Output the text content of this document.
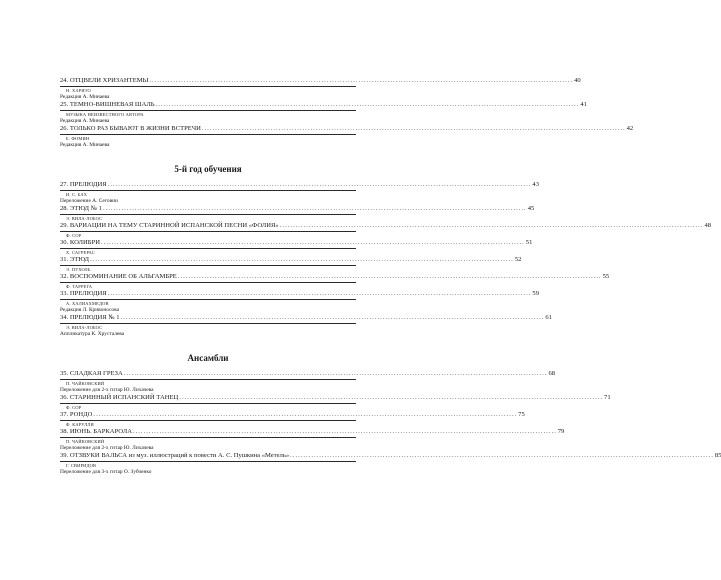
24. ОТЦВЕЛИ ХРИЗАНТЕМЫ ................................................................................................................................................................ 40
Н. ХАРИТО
Редакция А. Минаева
25. ТЕМНО-ВИШНЕВАЯ ШАЛЬ ................................................................................................................................................................ 41
МУЗЫКА НЕИЗВЕСТНОГО АВТОРА
Редакция А. Минаева
26. ТОЛЬКО РАЗ БЫВАЮТ В ЖИЗНИ ВСТРЕЧИ ................................................................................................................................................................ 42
Б. ФОМИН
Редакция А. Минаева
5-й год обучения
27. ПРЕЛЮДИЯ ................................................................................................................................................................ 43
И. С. БАХ
Переложение А. Сеговии
28. ЭТЮД № 1 ................................................................................................................................................................ 45
Э. ВИЛА-ЛОБОС
29. ВАРИАЦИИ НА ТЕМУ СТАРИННОЙ ИСПАНСКОЙ ПЕСНИ «ФОЛИЯ» ................................................................................................................................................................ 48
Ф. СОР
30. КОЛИБРИ ................................................................................................................................................................ 51
Х. САГРЕРАС
31. ЭТЮД ................................................................................................................................................................ 52
Э. ПУХОЛЬ
32. ВОСПОМИНАНИЕ ОБ АЛЬГАМБРЕ ................................................................................................................................................................ 55
Ф. ТАРРЕГА
33. ПРЕЛЮДИЯ ................................................................................................................................................................ 59
А. ХАЛИАХМЕДОВ
Редакция Л. Кривоносова
34. ПРЕЛЮДИЯ № 1 ................................................................................................................................................................ 61
Э. ВИЛА-ЛОБОС
Аппликатура К. Хрусталева
Ансамбли
35. СЛАДКАЯ ГРЕЗА ................................................................................................................................................................ 68
П. ЧАЙКОВСКИЙ
Переложение для 2-х гитар Ю. Лихачева
36. СТАРИННЫЙ ИСПАНСКИЙ ТАНЕЦ ................................................................................................................................................................ 71
Ф. СОР
37. РОНДО ................................................................................................................................................................ 75
Ф. КАРУЛЛИ
38. ИЮНЬ. БАРКАРОЛА ................................................................................................................................................................ 79
П. ЧАЙКОВСКИЙ
Переложение для 2-х гитар Ю. Лихачева
39. ОТЗВУКИ ВАЛЬСА из муз. иллюстраций к повести А. С. Пушкина «Метель» ................................................................................................................................................................ 85
Г. СВИРИДОВ
Переложение для 3-х гитар О. Зубченко
